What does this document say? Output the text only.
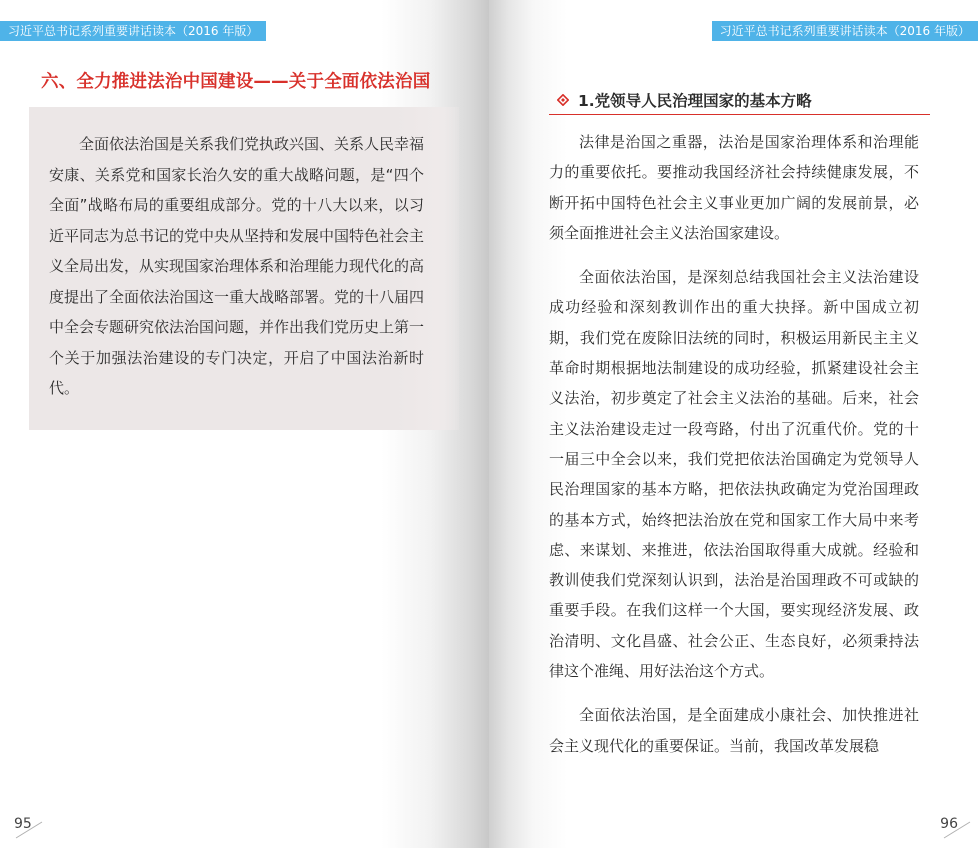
习近平总书记系列重要讲话读本（2016 年版）
六、全力推进法治中国建设——关于全面依法治国

全面依法治国是关系我们党执政兴国、关系人民幸福安康、关系党和国家长治久安的重大战略问题，是“四个全面”战略布局的重要组成部分。党的十八大以来，以习近平同志为总书记的党中央从坚持和发展中国特色社会主义全局出发，从实现国家治理体系和治理能力现代化的高度提出了全面依法治国这一重大战略部署。党的十八届四中全会专题研究依法治国问题，并作出我们党历史上第一个关于加强法治建设的专门决定，开启了中国法治新时代。

95
习近平总书记系列重要讲话读本（2016 年版）
1.党领导人民治理国家的基本方略

法律是治国之重器，法治是国家治理体系和治理能力的重要依托。要推动我国经济社会持续健康发展，不断开拓中国特色社会主义事业更加广阔的发展前景，必须全面推进社会主义法治国家建设。

全面依法治国，是深刻总结我国社会主义法治建设成功经验和深刻教训作出的重大抉择。新中国成立初期，我们党在废除旧法统的同时，积极运用新民主主义革命时期根据地法制建设的成功经验，抓紧建设社会主义法治，初步奠定了社会主义法治的基础。后来，社会主义法治建设走过一段弯路，付出了沉重代价。党的十一届三中全会以来，我们党把依法治国确定为党领导人民治理国家的基本方略，把依法执政确定为党治国理政的基本方式，始终把法治放在党和国家工作大局中来考虑、来谋划、来推进，依法治国取得重大成就。经验和教训使我们党深刻认识到，法治是治国理政不可或缺的重要手段。在我们这样一个大国，要实现经济发展、政治清明、文化昌盛、社会公正、生态良好，必须秉持法律这个准绳、用好法治这个方式。

全面依法治国，是全面建成小康社会、加快推进社会主义现代化的重要保证。当前，我国改革发展稳

96
